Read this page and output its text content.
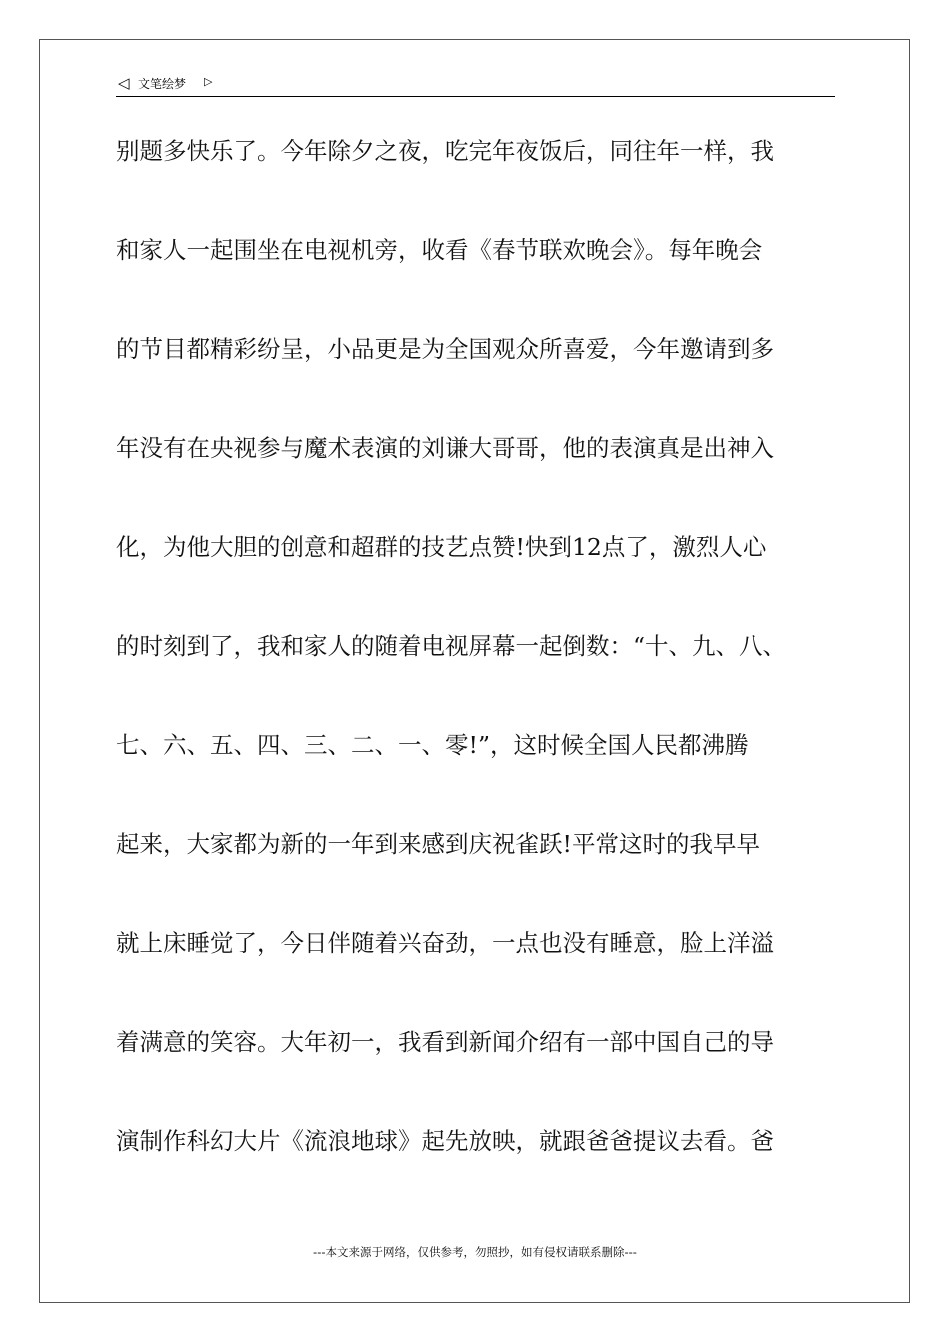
◁ 文笔绘梦 ▷
别题多快乐了。今年除夕之夜，吃完年夜饭后，同往年一样，我
和家人一起围坐在电视机旁，收看《春节联欢晚会》。每年晚会
的节目都精彩纷呈，小品更是为全国观众所喜爱，今年邀请到多
年没有在央视参与魔术表演的刘谦大哥哥，他的表演真是出神入
化，为他大胆的创意和超群的技艺点赞!快到12点了，激烈人心
的时刻到了，我和家人的随着电视屏幕一起倒数：“十、九、八、
七、六、五、四、三、二、一、零!”，这时候全国人民都沸腾
起来，大家都为新的一年到来感到庆祝雀跃!平常这时的我早早
就上床睡觉了，今日伴随着兴奋劲，一点也没有睡意，脸上洋溢
着满意的笑容。大年初一，我看到新闻介绍有一部中国自己的导
演制作科幻大片《流浪地球》起先放映，就跟爸爸提议去看。爸
---本文来源于网络，仅供参考，勿照抄，如有侵权请联系删除---
